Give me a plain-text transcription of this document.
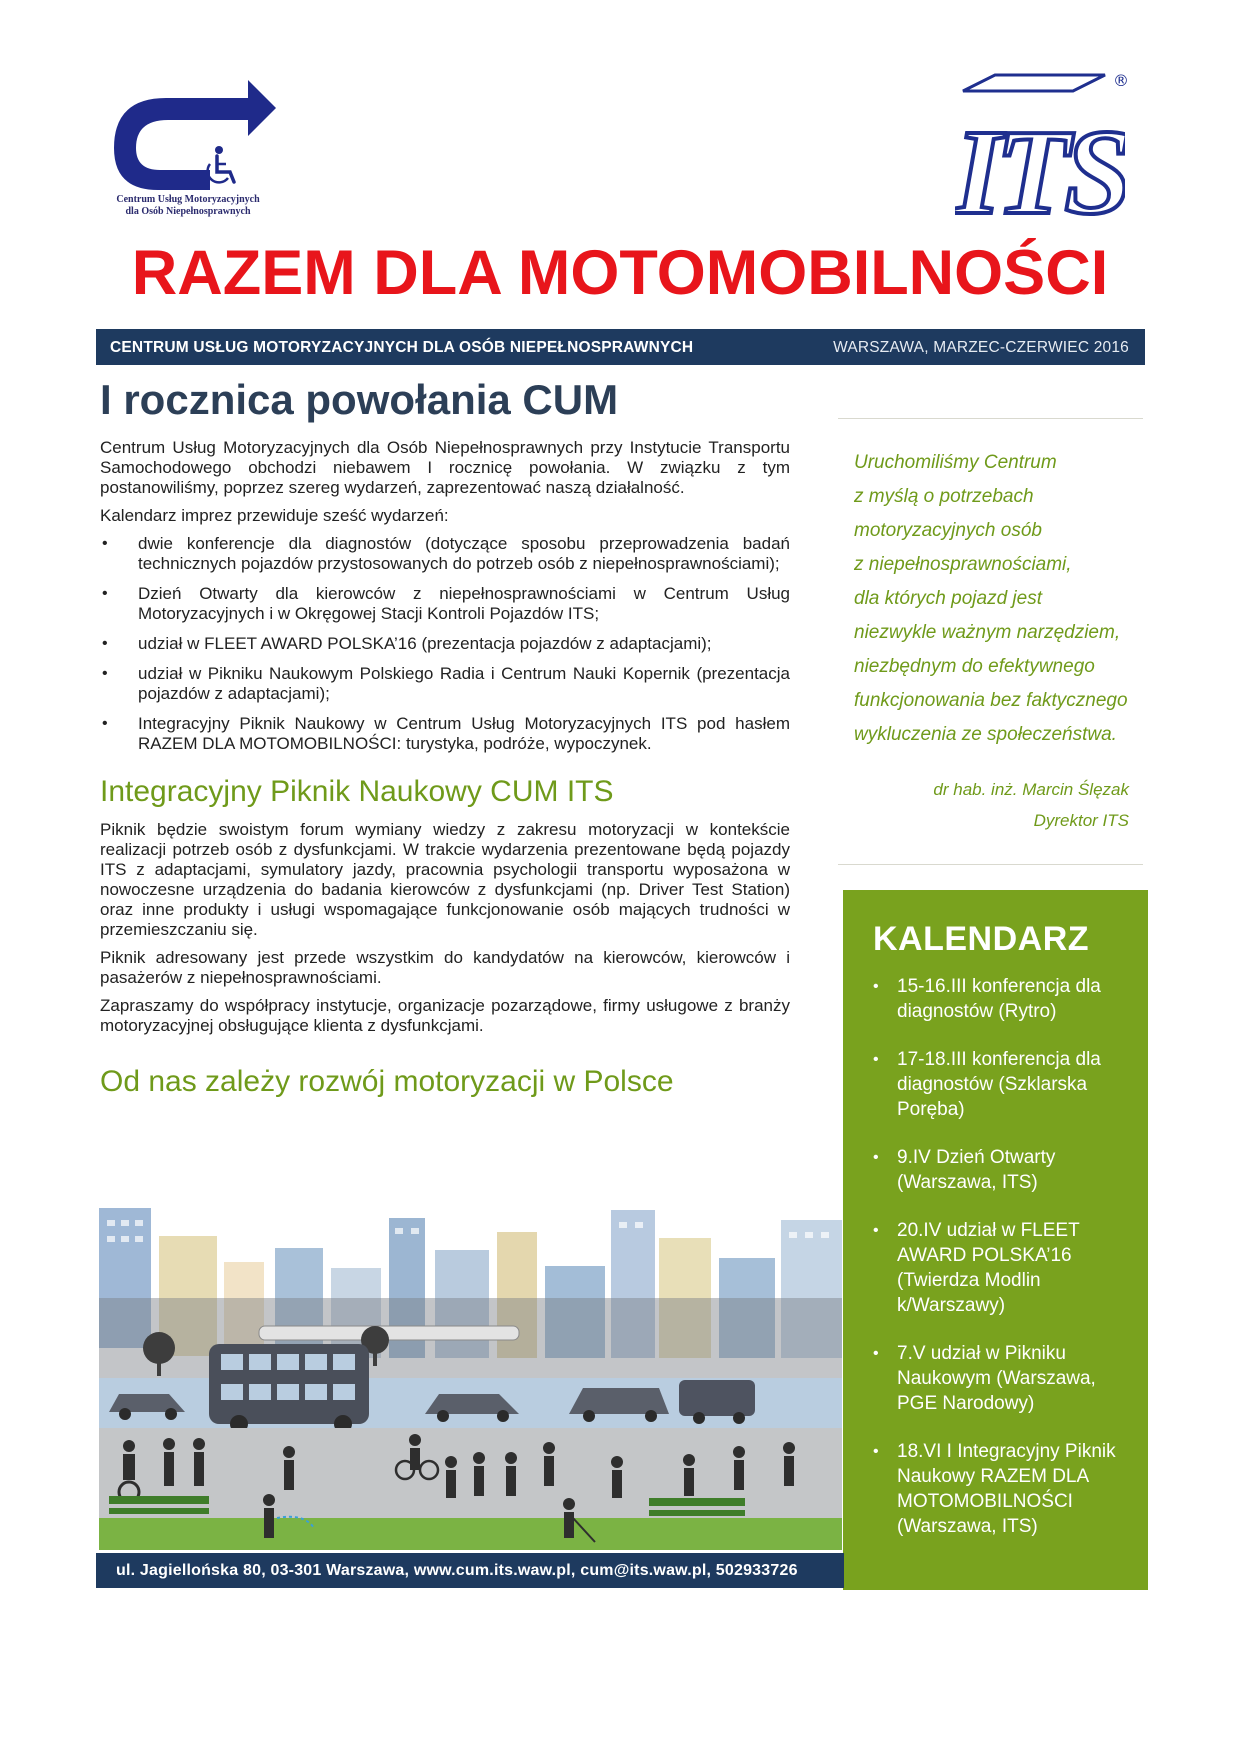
Centrum Usług Motoryzacyjnych
dla Osób Niepełnosprawnych	ITS
®
RAZEM DLA MOTOMOBILNOŚCI
CENTRUM USŁUG MOTORYZACYJNYCH DLA OSÓB NIEPEŁNOSPRAWNYCH	WARSZAWA, MARZEC-CZERWIEC 2016
I rocznica powołania CUM

Centrum Usług Motoryzacyjnych dla Osób Niepełnosprawnych przy Instytucie Transportu Samochodowego obchodzi niebawem I rocznicę powołania. W związku z tym postanowiliśmy, poprzez szereg wydarzeń, zaprezentować naszą działalność.

Kalendarz imprez przewiduje sześć wydarzeń:

• dwie konferencje dla diagnostów (dotyczące sposobu przeprowadzenia badań technicznych pojazdów przystosowanych do potrzeb osób z niepełnosprawnościami);
• Dzień Otwarty dla kierowców z niepełnosprawnościami w Centrum Usług Motoryzacyjnych i w Okręgowej Stacji Kontroli Pojazdów ITS;
• udział w FLEET AWARD POLSKA’16 (prezentacja pojazdów z adaptacjami);
• udział w Pikniku Naukowym Polskiego Radia i Centrum Nauki Kopernik (prezentacja pojazdów z adaptacjami);
• Integracyjny Piknik Naukowy w Centrum Usług Motoryzacyjnych ITS pod hasłem RAZEM DLA MOTOMOBILNOŚCI: turystyka, podróże, wypoczynek.
Integracyjny Piknik Naukowy CUM ITS

Piknik będzie swoistym forum wymiany wiedzy z zakresu motoryzacji w kontekście realizacji potrzeb osób z dysfunkcjami. W trakcie wydarzenia prezentowane będą pojazdy ITS z adaptacjami, symulatory jazdy, pracownia psychologii transportu wyposażona w nowoczesne urządzenia do badania kierowców z dysfunkcjami (np. Driver Test Station) oraz inne produkty i usługi wspomagające funkcjonowanie osób mających trudności w przemieszczaniu się.

Piknik adresowany jest przede wszystkim do kandydatów na kierowców, kierowców i pasażerów z niepełnosprawnościami.

Zapraszamy do współpracy instytucje, organizacje pozarządowe, firmy usługowe z branży motoryzacyjnej obsługujące klienta z dysfunkcjami.

Od nas zależy rozwój motoryzacji w Polsce

Uruchomiliśmy Centrum
z myślą o potrzebach
motoryzacyjnych osób
z niepełnosprawnościami,
dla których pojazd jest
niezwykle ważnym narzędziem,
niezbędnym do efektywnego
funkcjonowania bez faktycznego
wykluczenia ze społeczeństwa.

dr hab. inż. Marcin Ślęzak
Dyrektor ITS
KALENDARZ
• 15-16.III konferencja dla diagnostów (Rytro)
• 17-18.III konferencja dla diagnostów (Szklarska Poręba)
• 9.IV Dzień Otwarty (Warszawa, ITS)
• 20.IV udział w FLEET AWARD POLSKA’16 (Twierdza Modlin k/Warszawy)
• 7.V udział w Pikniku Naukowym (Warszawa, PGE Narodowy)
• 18.VI I Integracyjny Piknik Naukowy RAZEM DLA MOTOMOBILNOŚCI (Warszawa, ITS)
ul. Jagiellońska 80, 03-301 Warszawa, www.cum.its.waw.pl, cum@its.waw.pl, 502933726
